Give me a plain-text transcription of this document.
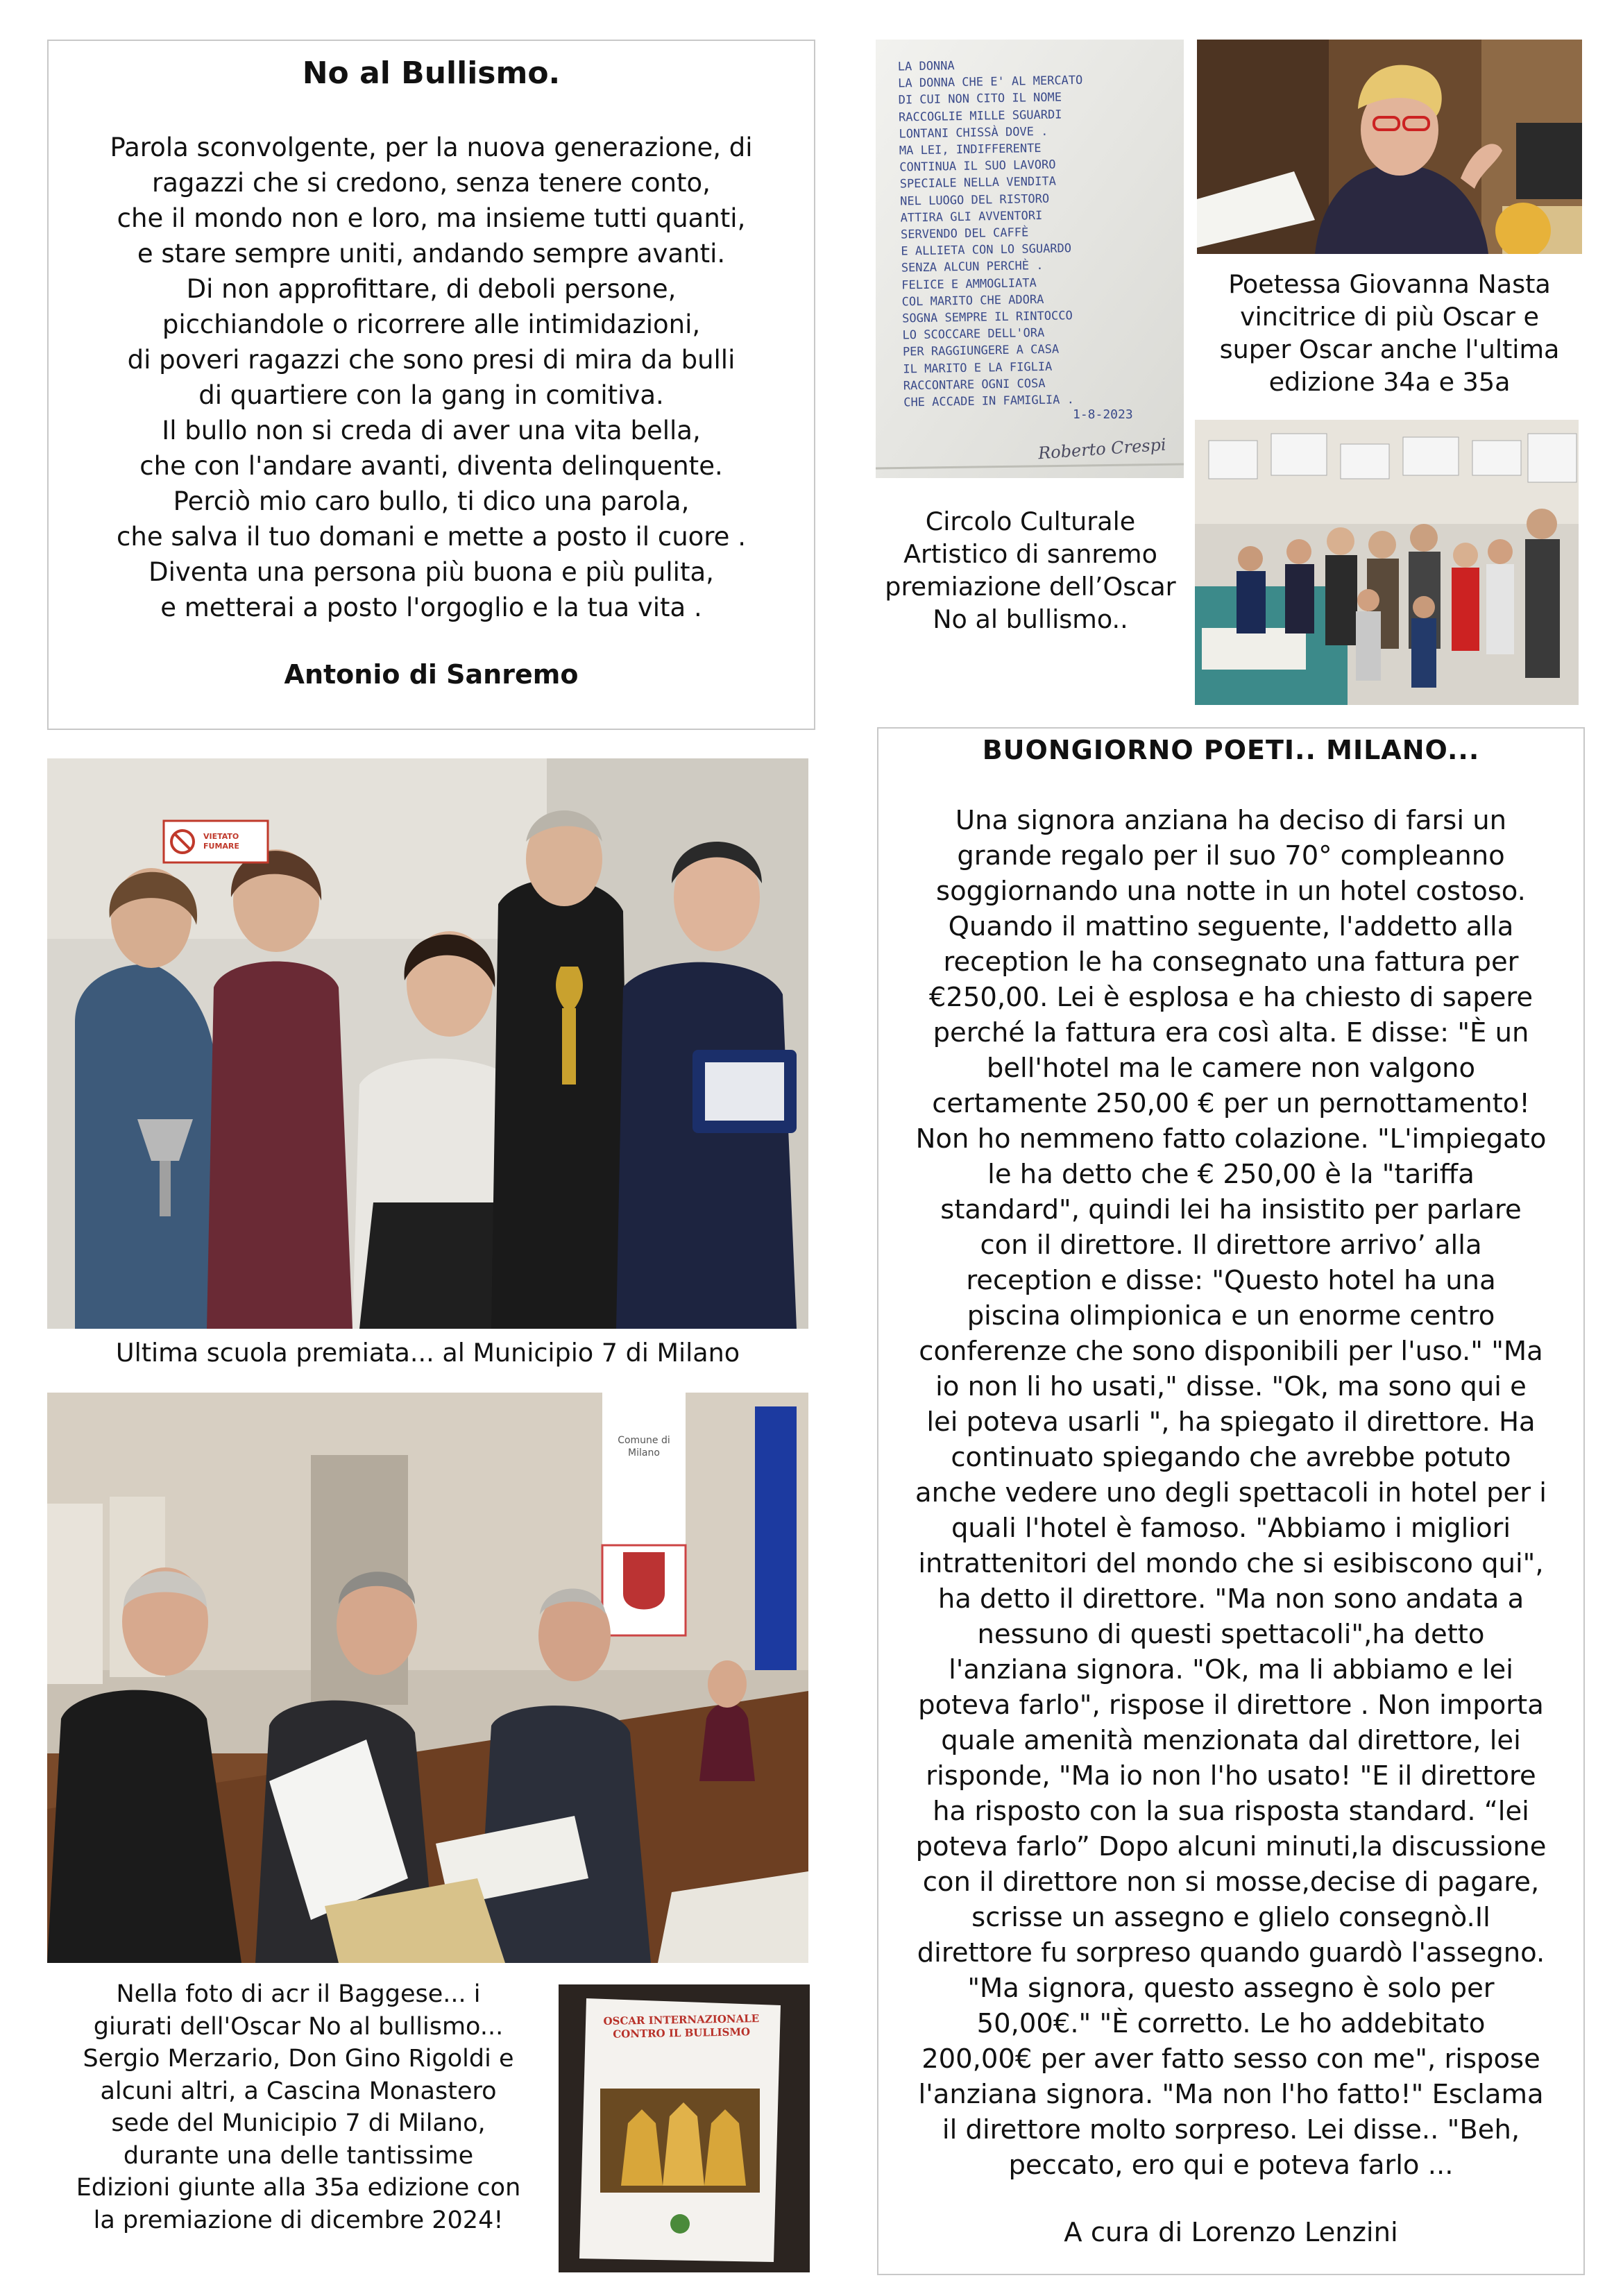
No al Bullismo.
Parola sconvolgente, per la nuova generazione, di
ragazzi che si credono, senza tenere conto,
che il mondo non e loro, ma insieme tutti quanti,
e stare sempre uniti, andando sempre avanti.
Di non approfittare, di deboli persone,
picchiandole o ricorrere alle intimidazioni,
di poveri ragazzi che sono presi di mira da bulli
di quartiere con la gang in comitiva.
Il bullo non si creda di aver una vita bella,
che con l'andare avanti, diventa delinquente.
Perciò mio caro bullo, ti dico una parola,
che salva il tuo domani e mette a posto il cuore .
Diventa una persona più buona e più pulita,
e metterai a posto l'orgoglio e la tua vita .
Antonio di Sanremo
LA DONNA
LA DONNA CHE E' AL MERCATO
DI CUI NON CITO IL NOME
RACCOGLIE MILLE SGUARDI
LONTANI CHISSÀ DOVE .
MA LEI, INDIFFERENTE
CONTINUA IL SUO LAVORO
SPECIALE NELLA VENDITA
NEL LUOGO DEL RISTORO
ATTIRA GLI AVVENTORI
SERVENDO DEL CAFFÈ
E ALLIETA CON LO SGUARDO
SENZA ALCUN PERCHÈ .
FELICE E AMMOGLIATA
COL MARITO CHE ADORA
SOGNA SEMPRE IL RINTOCCO
LO SCOCCARE DELL'ORA
PER RAGGIUNGERE A CASA
IL MARITO E LA FIGLIA
RACCONTARE OGNI COSA
CHE ACCADE IN FAMIGLIA .
1-8-2023
Roberto Crespi
Poetessa Giovanna Nasta
vincitrice di più Oscar e
super Oscar anche l'ultima
edizione 34a e 35a
Circolo Culturale
Artistico di sanremo
premiazione dell’Oscar
No al bullismo..
BUONGIORNO POETI.. MILANO...
Una signora anziana ha deciso di farsi un
grande regalo per il suo 70° compleanno
soggiornando una notte in un hotel costoso.
Quando il mattino seguente, l'addetto alla
reception le ha consegnato una fattura per
€250,00. Lei è esplosa e ha chiesto di sapere
perché la fattura era così alta. E disse: "È un
bell'hotel ma le camere non valgono
certamente 250,00 € per un pernottamento!
Non ho nemmeno fatto colazione. "L'impiegato
le ha detto che € 250,00 è la "tariffa
standard", quindi lei ha insistito per parlare
con il direttore. Il direttore arrivo’ alla
reception e disse: "Questo hotel ha una
piscina olimpionica e un enorme centro
conferenze che sono disponibili per l'uso." "Ma
io non li ho usati," disse. "Ok, ma sono qui e
lei poteva usarli ", ha spiegato il direttore. Ha
continuato spiegando che avrebbe potuto
anche vedere uno degli spettacoli in hotel per i
quali l'hotel è famoso. "Abbiamo i migliori
intrattenitori del mondo che si esibiscono qui",
ha detto il direttore. "Ma non sono andata a
nessuno di questi spettacoli",ha detto
l'anziana signora. "Ok, ma li abbiamo e lei
poteva farlo", rispose il direttore . Non importa
quale amenità menzionata dal direttore, lei
risponde, "Ma io non l'ho usato! "E il direttore
ha risposto con la sua risposta standard. “lei
poteva farlo” Dopo alcuni minuti,la discussione
con il direttore non si mosse,decise di pagare,
scrisse un assegno e glielo consegnò.Il
direttore fu sorpreso quando guardò l'assegno.
"Ma signora, questo assegno è solo per
50,00€." "È corretto. Le ho addebitato
200,00€ per aver fatto sesso con me", rispose
l'anziana signora. "Ma non l'ho fatto!" Esclama
il direttore molto sorpreso. Lei disse.. "Beh,
peccato, ero qui e poteva farlo ...
A cura di Lorenzo Lenzini
VIETATO FUMARE
Ultima scuola premiata... al Municipio 7 di Milano
Comune di Milano
Nella foto di acr il Baggese... i
giurati dell'Oscar No al bullismo...
Sergio Merzario, Don Gino Rigoldi e
alcuni altri, a Cascina Monastero
sede del Municipio 7 di Milano,
durante una delle tantissime
Edizioni giunte alla 35a edizione con
la premiazione di dicembre 2024!
OSCAR INTERNAZIONALE CONTRO IL BULLISMO
